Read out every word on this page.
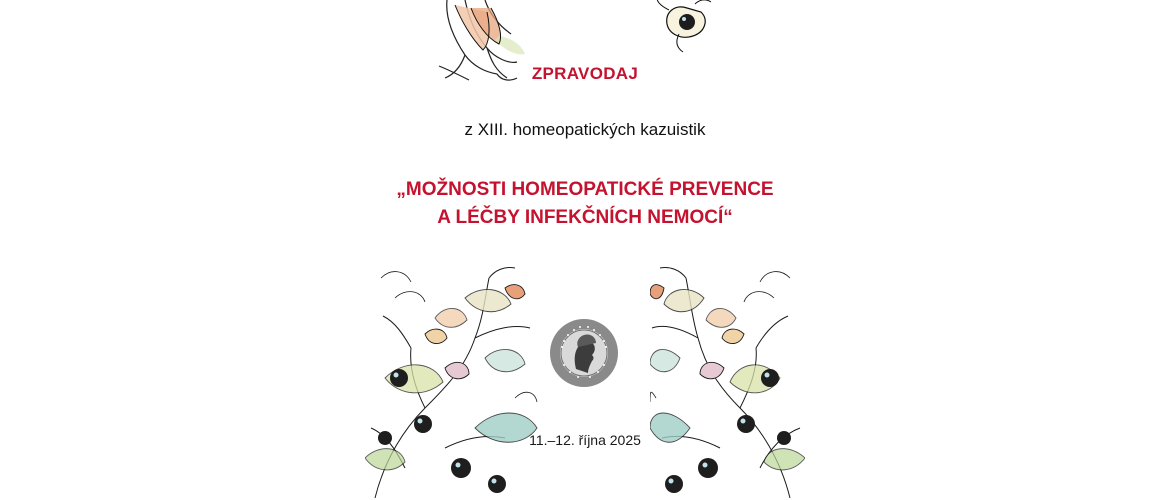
ZPRAVODAJ
z XIII. homeopatických kazuistik
„MOŽNOSTI HOMEOPATICKÉ PREVENCE
A LÉČBY INFEKČNÍCH NEMOCÍ“
11.–12. října 2025
